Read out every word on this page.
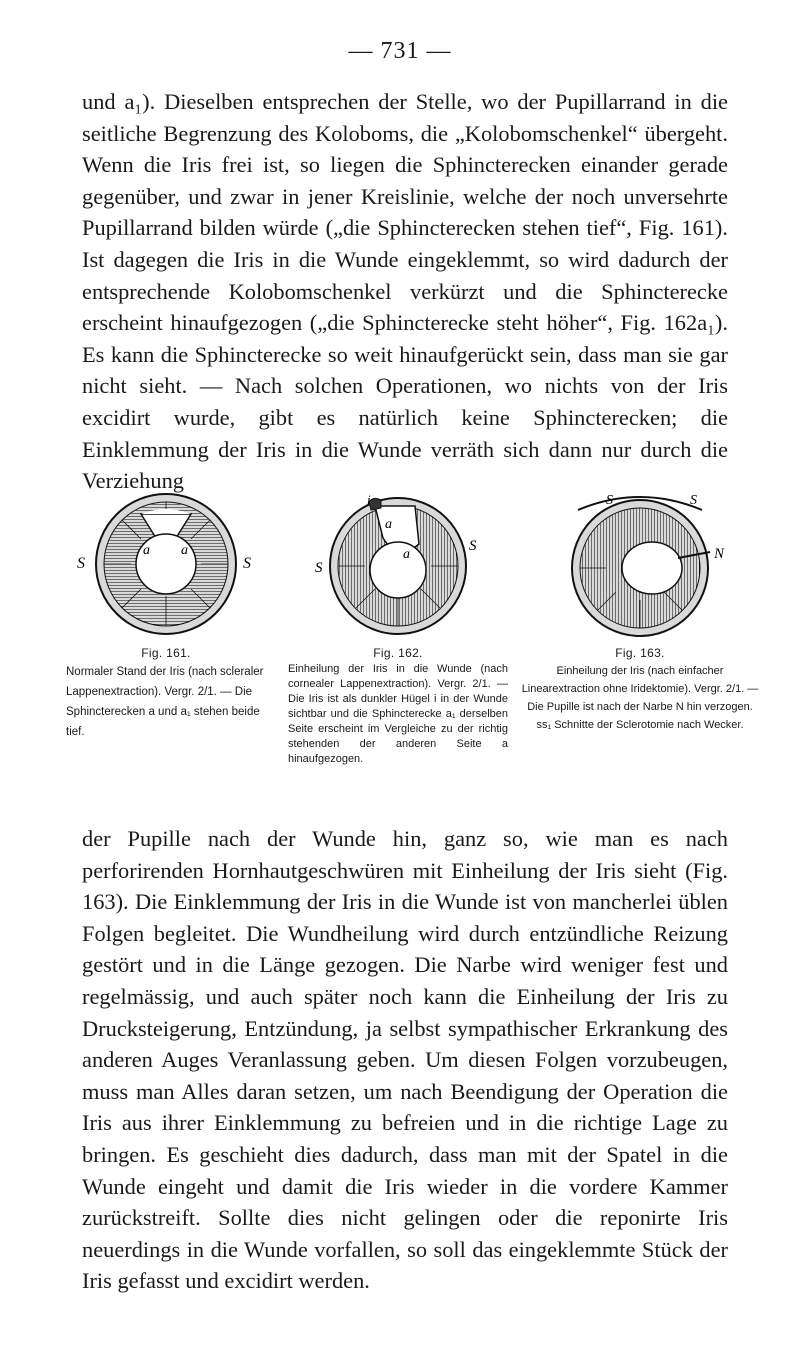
— 731 —

und a₁). Dieselben entsprechen der Stelle, wo der Pupillarrand in die seitliche Begrenzung des Koloboms, die „Kolobomschenkel“ übergeht. Wenn die Iris frei ist, so liegen die Sphincterecken einander gerade gegenüber, und zwar in jener Kreislinie, welche der noch unversehrte Pupillarrand bilden würde („die Sphincterecken stehen tief“, Fig. 161). Ist dagegen die Iris in die Wunde eingeklemmt, so wird dadurch der entsprechende Kolobomschenkel verkürzt und die Sphincterecke erscheint hinaufgezogen („die Sphincterecke steht höher“, Fig. 162a₁). Es kann die Sphincterecke so weit hinaufgerückt sein, dass man sie gar nicht sieht. — Nach solchen Operationen, wo nichts von der Iris excidirt wurde, gibt es natürlich keine Sphincterecken; die Einklemmung der Iris in die Wunde verräth sich dann nur durch die Verziehung

S
a a
S
Fig. 161.
Normaler Stand der Iris (nach scleraler Lappenextraction). Vergr. 2/1. — Die Sphincterecken a und a₁ stehen beide tief.
i
a
S
a
S
Fig. 162.
Einheilung der Iris in die Wunde (nach cornealer Lappenextraction). Vergr. 2/1. — Die Iris ist als dunkler Hügel i in der Wunde sichtbar und die Sphincterecke a₁ derselben Seite erscheint im Vergleiche zu der richtig stehenden der anderen Seite a hinaufgezogen.
S	S
N
Fig. 163.
Einheilung der Iris (nach einfacher Linearextraction ohne Iridektomie). Vergr. 2/1. — Die Pupille ist nach der Narbe N hin verzogen. ss₁ Schnitte der Sclerotomie nach Wecker.

der Pupille nach der Wunde hin, ganz so, wie man es nach perforirenden Hornhautgeschwüren mit Einheilung der Iris sieht (Fig. 163). Die Einklemmung der Iris in die Wunde ist von mancherlei üblen Folgen begleitet. Die Wundheilung wird durch entzündliche Reizung gestört und in die Länge gezogen. Die Narbe wird weniger fest und regelmässig, und auch später noch kann die Einheilung der Iris zu Drucksteigerung, Entzündung, ja selbst sympathischer Erkrankung des anderen Auges Veranlassung geben. Um diesen Folgen vorzubeugen, muss man Alles daran setzen, um nach Beendigung der Operation die Iris aus ihrer Einklemmung zu befreien und in die richtige Lage zu bringen. Es geschieht dies dadurch, dass man mit der Spatel in die Wunde eingeht und damit die Iris wieder in die vordere Kammer zurückstreift. Sollte dies nicht gelingen oder die reponirte Iris neuerdings in die Wunde vorfallen, so soll das eingeklemmte Stück der Iris gefasst und excidirt werden.
